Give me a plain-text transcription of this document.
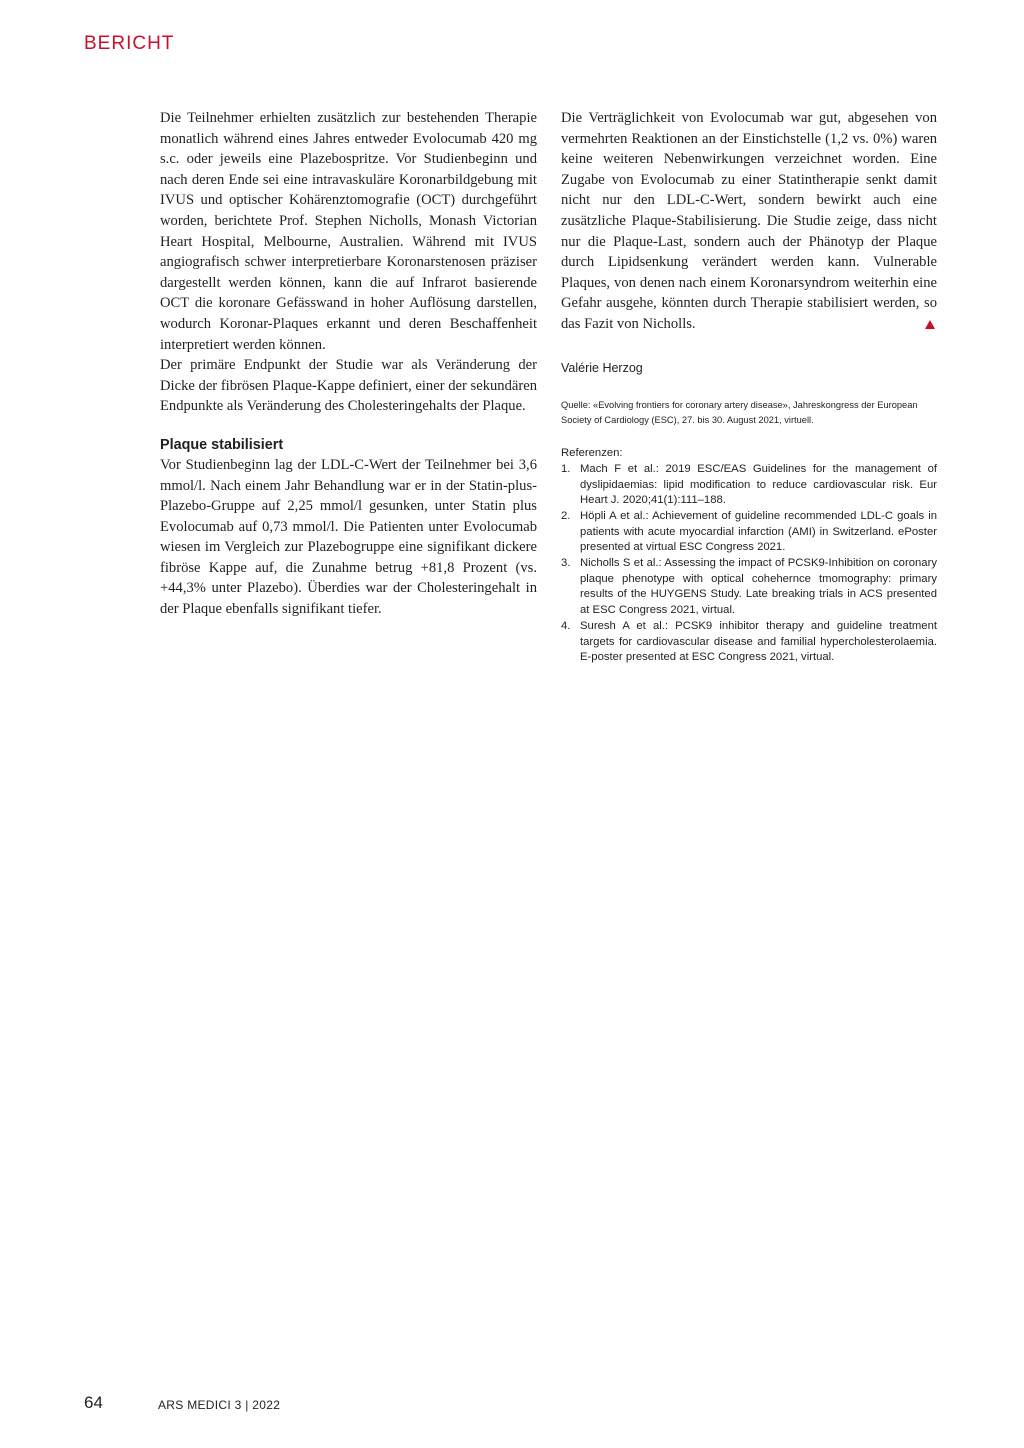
BERICHT

Die Teilnehmer erhielten zusätzlich zur bestehenden Therapie monatlich während eines Jahres entweder Evolocumab 420 mg s.c. oder jeweils eine Plazebospritze. Vor Studienbeginn und nach deren Ende sei eine intravaskuläre Koronarbildgebung mit IVUS und optischer Kohärenztomografie (OCT) durchgeführt worden, berichtete Prof. Stephen Nicholls, Monash Victorian Heart Hospital, Melbourne, Australien. Während mit IVUS angiografisch schwer interpretierbare Koronarstenosen präziser dargestellt werden können, kann die auf Infrarot basierende OCT die koronare Gefässwand in hoher Auflösung darstellen, wodurch Koronar-Plaques erkannt und deren Beschaffenheit interpretiert werden können.

Der primäre Endpunkt der Studie war als Veränderung der Dicke der fibrösen Plaque-Kappe definiert, einer der sekundären Endpunkte als Veränderung des Cholesteringehalts der Plaque.

Plaque stabilisiert

Vor Studienbeginn lag der LDL-C-Wert der Teilnehmer bei 3,6 mmol/l. Nach einem Jahr Behandlung war er in der Statin-plus-Plazebo-Gruppe auf 2,25 mmol/l gesunken, unter Statin plus Evolocumab auf 0,73 mmol/l. Die Patienten unter Evolocumab wiesen im Vergleich zur Plazebogruppe eine signifikant dickere fibröse Kappe auf, die Zunahme betrug +81,8 Prozent (vs. +44,3% unter Plazebo). Überdies war der Cholesteringehalt in der Plaque ebenfalls signifikant tiefer.

Die Verträglichkeit von Evolocumab war gut, abgesehen von vermehrten Reaktionen an der Einstichstelle (1,2 vs. 0%) waren keine weiteren Nebenwirkungen verzeichnet worden. Eine Zugabe von Evolocumab zu einer Statintherapie senkt damit nicht nur den LDL-C-Wert, sondern bewirkt auch eine zusätzliche Plaque-Stabilisierung. Die Studie zeige, dass nicht nur die Plaque-Last, sondern auch der Phänotyp der Plaque durch Lipidsenkung verändert werden kann. Vulnerable Plaques, von denen nach einem Koronarsyndrom weiterhin eine Gefahr ausgehe, könnten durch Therapie stabilisiert werden, so das Fazit von Nicholls.

Valérie Herzog
Quelle: «Evolving frontiers for coronary artery disease», Jahreskongress der European Society of Cardiology (ESC), 27. bis 30. August 2021, virtuell.
Referenzen:
1. Mach F et al.: 2019 ESC/EAS Guidelines for the management of dyslipidaemias: lipid modification to reduce cardiovascular risk. Eur Heart J. 2020;41(1):111–188.
2. Höpli A et al.: Achievement of guideline recommended LDL-C goals in patients with acute myocardial infarction (AMI) in Switzerland. ePoster presented at virtual ESC Congress 2021.
3. Nicholls S et al.: Assessing the impact of PCSK9-Inhibition on coronary plaque phenotype with optical cohehernce tmomography: primary results of the HUYGENS Study. Late breaking trials in ACS presented at ESC Congress 2021, virtual.
4. Suresh A et al.: PCSK9 inhibitor therapy and guideline treatment targets for cardiovascular disease and familial hypercholesterolaemia. E-poster presented at ESC Congress 2021, virtual.
64	ARS MEDICI 3 | 2022
